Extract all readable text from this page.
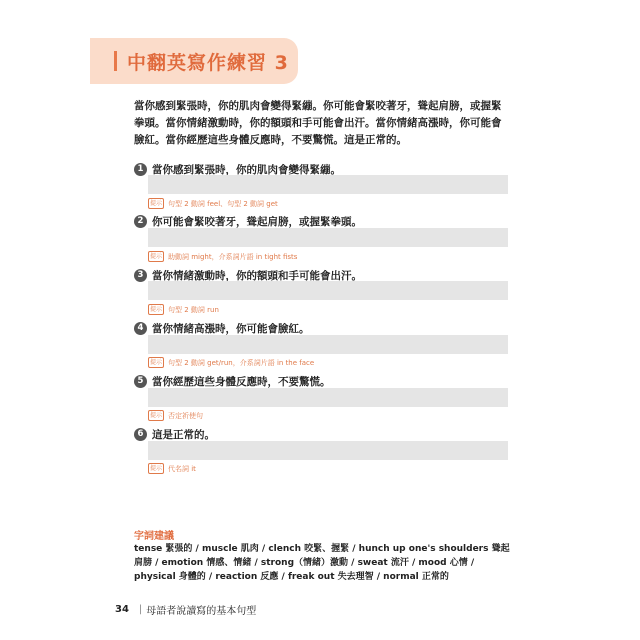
中翻英寫作練習 3
當你感到緊張時，你的肌肉會變得緊繃。你可能會緊咬著牙，聳起肩膀，或握緊拳頭。當你情緒激動時，你的額頭和手可能會出汗。當你情緒高漲時，你可能會臉紅。當你經歷這些身體反應時，不要驚慌。這是正常的。
1 當你感到緊張時，你的肌肉會變得緊繃。
提示 句型 2 動詞 feel、句型 2 動詞 get
2 你可能會緊咬著牙，聳起肩膀，或握緊拳頭。
提示 助動詞 might，介系詞片語 in tight fists
3 當你情緒激動時，你的額頭和手可能會出汗。
提示 句型 2 動詞 run
4 當你情緒高漲時，你可能會臉紅。
提示 句型 2 動詞 get/run，介系詞片語 in the face
5 當你經歷這些身體反應時，不要驚慌。
提示 否定祈使句
6 這是正常的。
提示 代名詞 it
字詞建議
tense 緊張的 / muscle 肌肉 / clench 咬緊、握緊 / hunch up one's shoulders 聳起肩膀 / emotion 情感、情緒 / strong（情緒）激動 / sweat 流汗 / mood 心情 / physical 身體的 / reaction 反應 / freak out 失去理智 / normal 正常的
34 | 母語者說讀寫的基本句型
